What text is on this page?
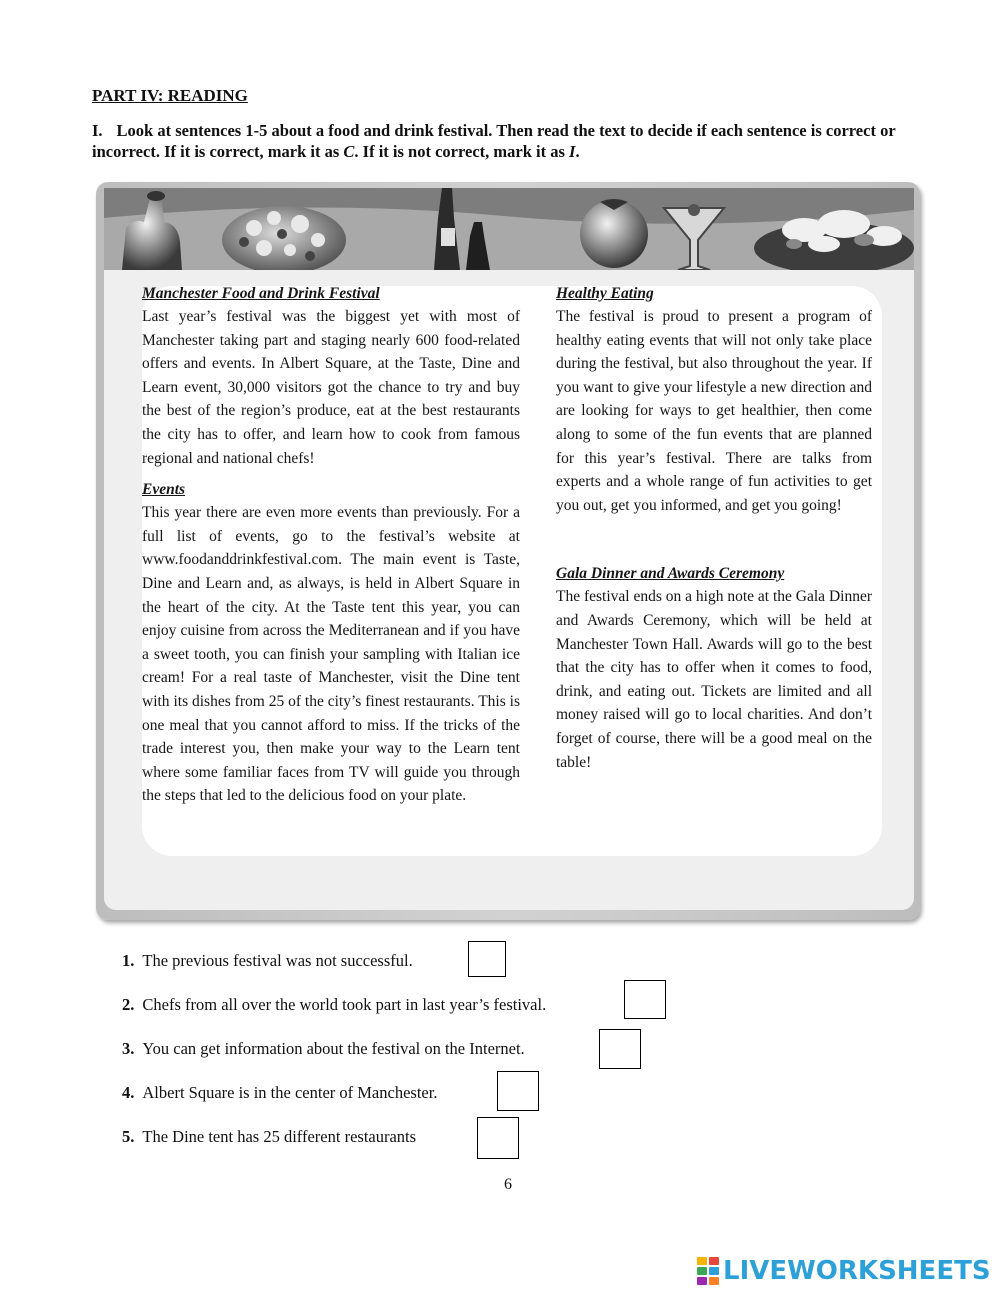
PART IV: READING
I. Look at sentences 1-5 about a food and drink festival. Then read the text to decide if each sentence is correct or incorrect. If it is correct, mark it as C. If it is not correct, mark it as I.
Manchester Food and Drink Festival
Last year’s festival was the biggest yet with most of Manchester taking part and staging nearly 600 food-related offers and events. In Albert Square, at the Taste, Dine and Learn event, 30,000 visitors got the chance to try and buy the best of the region’s produce, eat at the best restaurants the city has to offer, and learn how to cook from famous regional and national chefs!
Events
This year there are even more events than previously. For a full list of events, go to the festival’s website at www.foodanddrinkfestival.com. The main event is Taste, Dine and Learn and, as always, is held in Albert Square in the heart of the city. At the Taste tent this year, you can enjoy cuisine from across the Mediterranean and if you have a sweet tooth, you can finish your sampling with Italian ice cream! For a real taste of Manchester, visit the Dine tent with its dishes from 25 of the city’s finest restaurants. This is one meal that you cannot afford to miss. If the tricks of the trade interest you, then make your way to the Learn tent where some familiar faces from TV will guide you through the steps that led to the delicious food on your plate.
Healthy Eating
The festival is proud to present a program of healthy eating events that will not only take place during the festival, but also throughout the year. If you want to give your lifestyle a new direction and are looking for ways to get healthier, then come along to some of the fun events that are planned for this year’s festival. There are talks from experts and a whole range of fun activities to get you out, get you informed, and get you going!
Gala Dinner and Awards Ceremony
The festival ends on a high note at the Gala Dinner and Awards Ceremony, which will be held at Manchester Town Hall. Awards will go to the best that the city has to offer when it comes to food, drink, and eating out. Tickets are limited and all money raised will go to local charities. And don’t forget of course, there will be a good meal on the table!
1. The previous festival was not successful.
2. Chefs from all over the world took part in last year’s festival.
3. You can get information about the festival on the Internet.
4. Albert Square is in the center of Manchester.
5. The Dine tent has 25 different restaurants
6
LIVEWORKSHEETS
